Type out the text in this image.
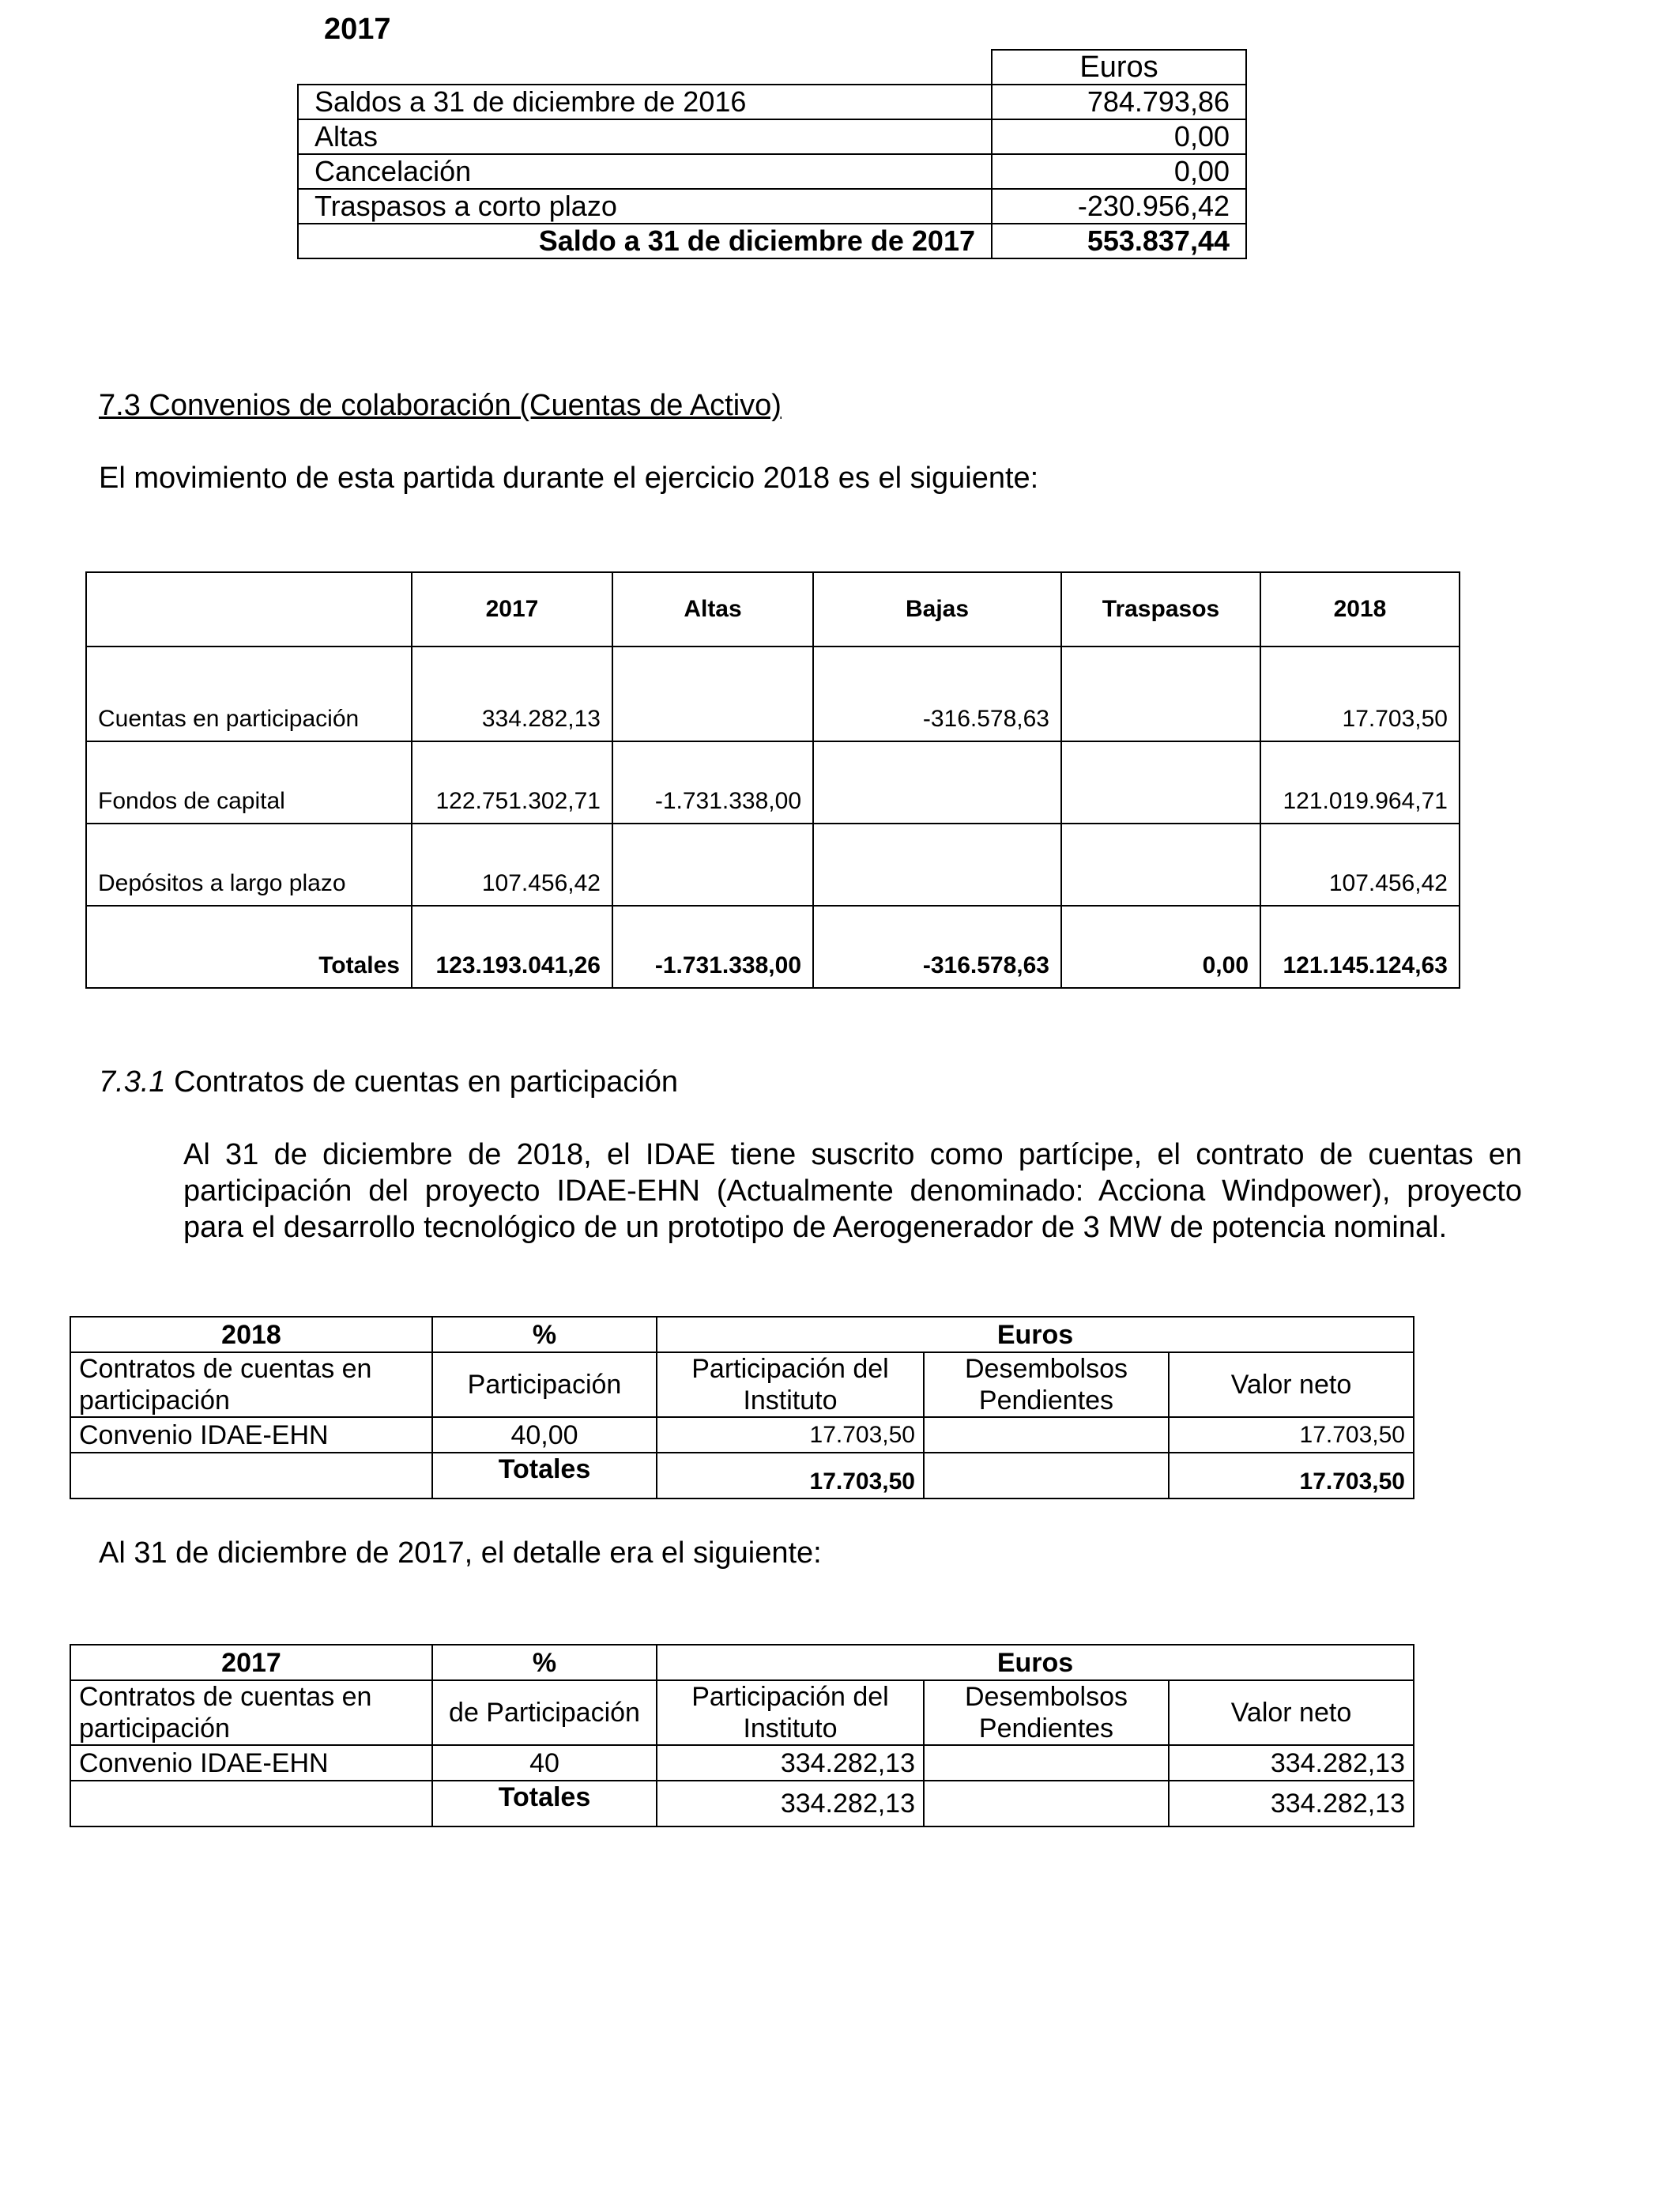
2017
	Euros
Saldos a 31 de diciembre de 2016	784.793,86
Altas	0,00
Cancelación	0,00
Traspasos a corto plazo	-230.956,42
Saldo a 31 de diciembre de 2017	553.837,44
7.3 Convenios de colaboración (Cuentas de Activo)
El movimiento de esta partida durante el ejercicio 2018 es el siguiente:
	2017	Altas	Bajas	Traspasos	2018
Cuentas en participación	334.282,13		-316.578,63		17.703,50
Fondos de capital	122.751.302,71	-1.731.338,00			121.019.964,71
Depósitos a largo plazo	107.456,42				107.456,42
Totales	123.193.041,26	-1.731.338,00	-316.578,63	0,00	121.145.124,63
7.3.1 Contratos de cuentas en participación
Al 31 de diciembre de 2018, el IDAE tiene suscrito como partícipe, el contrato de cuentas en participación del proyecto IDAE-EHN (Actualmente denominado: Acciona Windpower), proyecto para el desarrollo tecnológico de un prototipo de Aerogenerador de 3 MW de potencia nominal.
2018	%	Euros		
Contratos de cuentas en participación	Participación	Participación del Instituto	Desembolsos Pendientes	Valor neto
Convenio IDAE-EHN	40,00	17.703,50		17.703,50
	Totales	17.703,50		17.703,50
Al 31 de diciembre de 2017, el detalle era el siguiente:
2017	%	Euros		
Contratos de cuentas en participación	de Participación	Participación del Instituto	Desembolsos Pendientes	Valor neto
Convenio IDAE-EHN	40	334.282,13		334.282,13
	Totales	334.282,13		334.282,13
